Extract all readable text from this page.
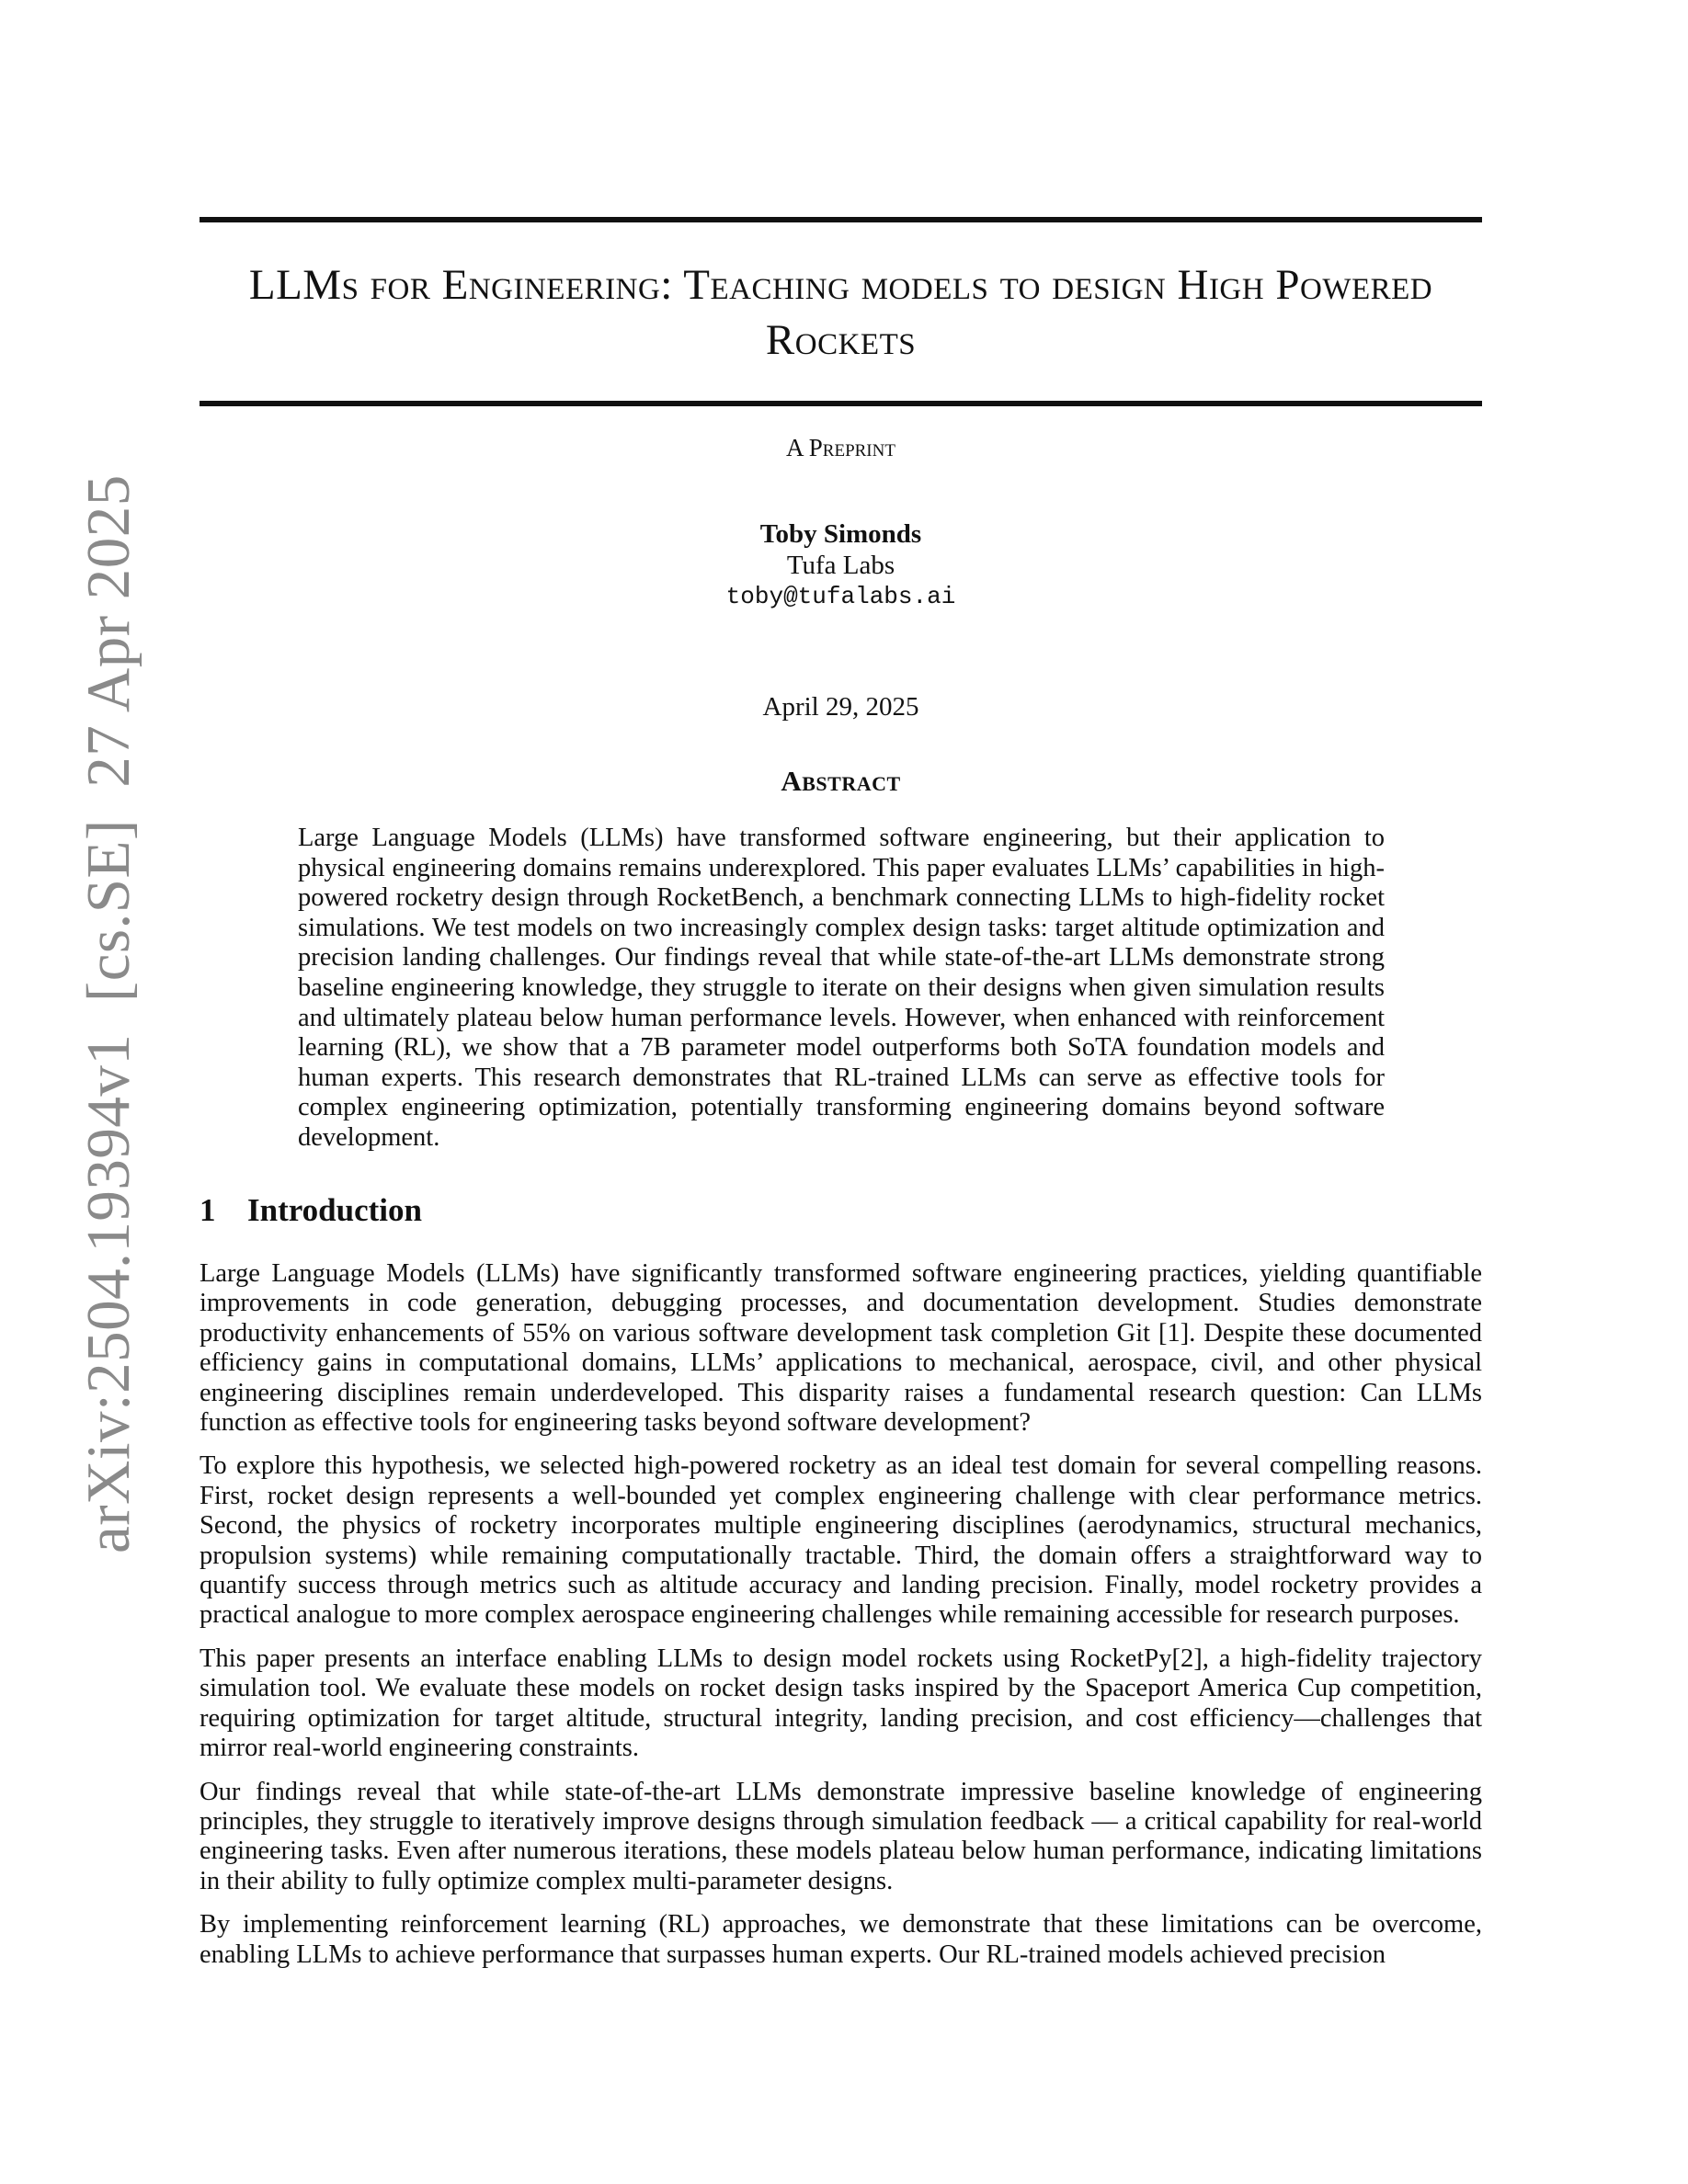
LLMs for Engineering: Teaching models to design High Powered Rockets
A Preprint
Toby Simonds
Tufa Labs
toby@tufalabs.ai
April 29, 2025
Abstract
Large Language Models (LLMs) have transformed software engineering, but their application to physical engineering domains remains underexplored. This paper evaluates LLMs’ capabilities in high-powered rocketry design through RocketBench, a benchmark connecting LLMs to high-fidelity rocket simulations. We test models on two increasingly complex design tasks: target altitude optimization and precision landing challenges. Our findings reveal that while state-of-the-art LLMs demonstrate strong baseline engineering knowledge, they struggle to iterate on their designs when given simulation results and ultimately plateau below human performance levels. However, when enhanced with reinforcement learning (RL), we show that a 7B parameter model outperforms both SoTA foundation models and human experts. This research demonstrates that RL-trained LLMs can serve as effective tools for complex engineering optimization, potentially transforming engineering domains beyond software development.
1 Introduction

Large Language Models (LLMs) have significantly transformed software engineering practices, yielding quantifiable improvements in code generation, debugging processes, and documentation development. Studies demonstrate productivity enhancements of 55% on various software development task completion Git [1]. Despite these documented efficiency gains in computational domains, LLMs’ applications to mechanical, aerospace, civil, and other physical engineering disciplines remain underdeveloped. This disparity raises a fundamental research question: Can LLMs function as effective tools for engineering tasks beyond software development?

To explore this hypothesis, we selected high-powered rocketry as an ideal test domain for several compelling reasons. First, rocket design represents a well-bounded yet complex engineering challenge with clear performance metrics. Second, the physics of rocketry incorporates multiple engineering disciplines (aerodynamics, structural mechanics, propulsion systems) while remaining computationally tractable. Third, the domain offers a straightforward way to quantify success through metrics such as altitude accuracy and landing precision. Finally, model rocketry provides a practical analogue to more complex aerospace engineering challenges while remaining accessible for research purposes.

This paper presents an interface enabling LLMs to design model rockets using RocketPy[2], a high-fidelity trajectory simulation tool. We evaluate these models on rocket design tasks inspired by the Spaceport America Cup competition, requiring optimization for target altitude, structural integrity, landing precision, and cost efficiency—challenges that mirror real-world engineering constraints.

Our findings reveal that while state-of-the-art LLMs demonstrate impressive baseline knowledge of engineering principles, they struggle to iteratively improve designs through simulation feedback — a critical capability for real-world engineering tasks. Even after numerous iterations, these models plateau below human performance, indicating limitations in their ability to fully optimize complex multi-parameter designs.

By implementing reinforcement learning (RL) approaches, we demonstrate that these limitations can be overcome, enabling LLMs to achieve performance that surpasses human experts. Our RL-trained models achieved precision

arXiv:2504.19394v1  [cs.SE]  27 Apr 2025
